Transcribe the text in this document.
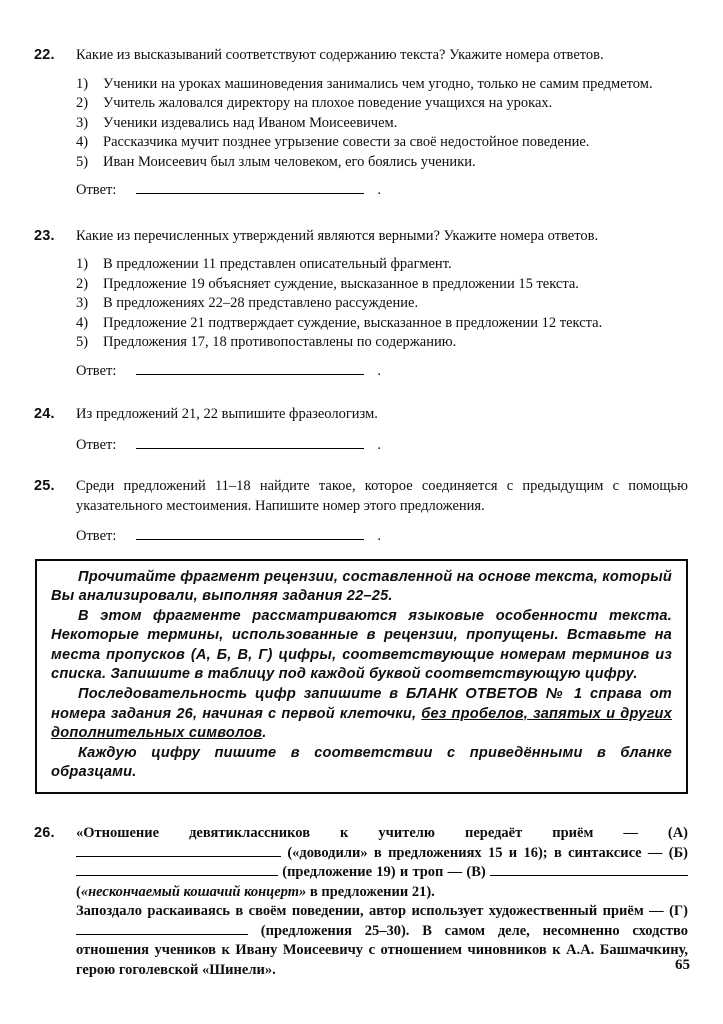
22.	Какие из высказываний соответствуют содержанию текста? Укажите номера ответов.

1)	Ученики на уроках машиноведения занимались чем угодно, только не самим предметом.
2)	Учитель жаловался директору на плохое поведение учащихся на уроках.
3)	Ученики издевались над Иваном Моисеевичем.
4)	Рассказчика мучит позднее угрызение совести за своё недостойное поведение.
5)	Иван Моисеевич был злым человеком, его боялись ученики.
Ответ:	.
23.	Какие из перечисленных утверждений являются верными? Укажите номера ответов.

1)	В предложении 11 представлен описательный фрагмент.
2)	Предложение 19 объясняет суждение, высказанное в предложении 15 текста.
3)	В предложениях 22–28 представлено рассуждение.
4)	Предложение 21 подтверждает суждение, высказанное в предложении 12 текста.
5)	Предложения 17, 18 противопоставлены по содержанию.
Ответ:	.
24.	Из предложений 21, 22 выпишите фразеологизм.

Ответ:	.
25.	Среди предложений 11–18 найдите такое, которое соединяется с предыдущим с помощью указательного местоимения. Напишите номер этого предложения.

Ответ:	.

Прочитайте фрагмент рецензии, составленной на основе текста, который Вы анализировали, выполняя задания 22–25.

В этом фрагменте рассматриваются языковые особенности текста. Некоторые термины, использованные в рецензии, пропущены. Вставьте на места пропусков (А, Б, В, Г) цифры, соответствующие номерам терминов из списка. Запишите в таблицу под каждой буквой соответствующую цифру.

Последовательность цифр запишите в БЛАНК ОТВЕТОВ № 1 справа от номера задания 26, начиная с первой клеточки, без пробелов, запятых и других дополнительных символов.

Каждую цифру пишите в соответствии с приведёнными в бланке образцами.

26.	«Отношение девятиклассников к учителю передаёт приём — (А)  («доводили» в предложениях 15 и 16); в синтаксисе — (Б)  (предложение 19) и троп — (В)  («нескончаемый кошачий концерт» в предложении 21).

Запоздало раскаиваясь в своём поведении, автор использует художественный приём — (Г)  (предложения 25–30). В самом деле, несомненно сходство отношения учеников к Ивану Моисеевичу с отношением чиновников к А.А. Башмачкину, герою гоголевской «Шинели».	65
